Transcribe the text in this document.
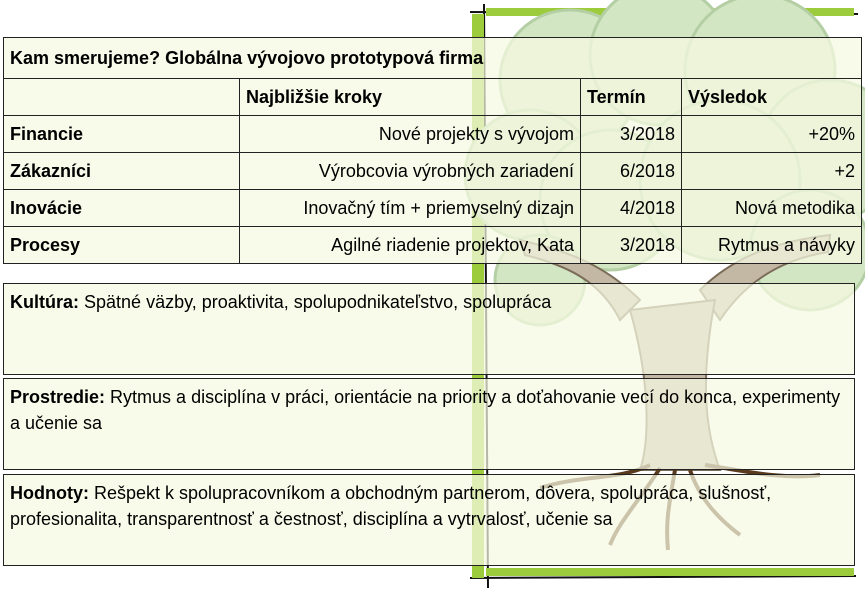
Kam smerujeme? Globálna vývojovo prototypová firma			
	Najbližšie kroky	Termín	Výsledok
Financie	Nové projekty s vývojom	3/2018	+20%
Zákazníci	Výrobcovia výrobných zariadení	6/2018	+2
Inovácie	Inovačný tím + priemyselný dizajn	4/2018	Nová metodika
Procesy	Agilné riadenie projektov, Kata	3/2018	Rytmus a návyky
Kultúra: Spätné väzby, proaktivita, spolupodnikateľstvo, spolupráca
Prostredie: Rytmus a disciplína v práci, orientácie na priority a doťahovanie vecí do konca, experimenty a učenie sa
Hodnoty: Rešpekt k spolupracovníkom a obchodným partnerom, dôvera, spolupráca, slušnosť, profesionalita, transparentnosť a čestnosť, disciplína a vytrvalosť, učenie sa
